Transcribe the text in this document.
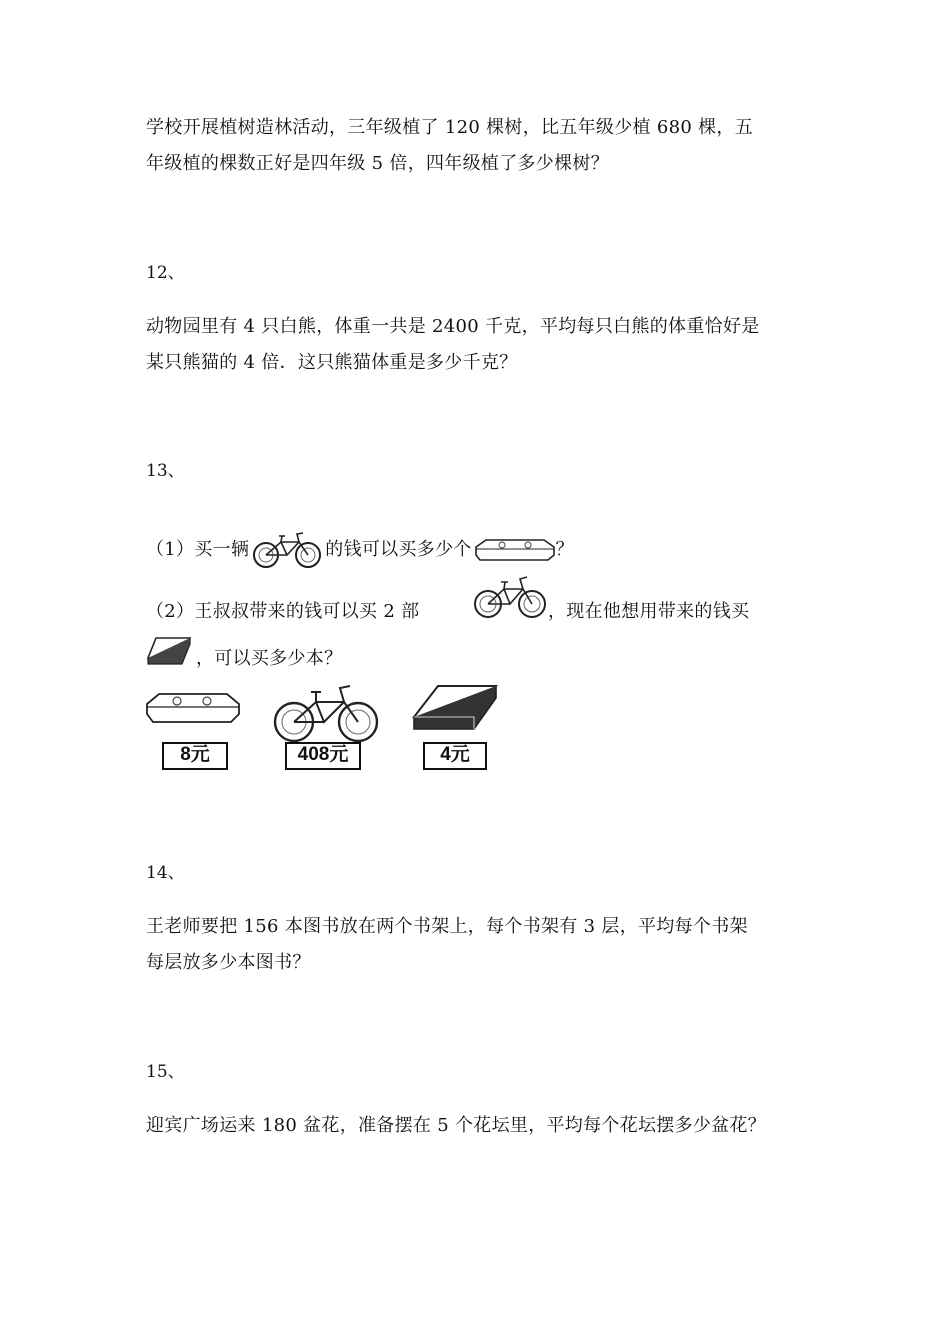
学校开展植树造林活动，三年级植了 120 棵树，比五年级少植 680 棵，五
年级植的棵数正好是四年级 5 倍，四年级植了多少棵树？
12、
动物园里有 4 只白熊，体重一共是 2400 千克，平均每只白熊的体重恰好是
某只熊猫的 4 倍．这只熊猫体重是多少千克？
13、
（1）买一辆	的钱可以买多少个	？
（2）王叔叔带来的钱可以买 2 部	，现在他想用带来的钱买
，可以买多少本？
8元	408元	4元
14、
王老师要把 156 本图书放在两个书架上，每个书架有 3 层，平均每个书架
每层放多少本图书？
15、
迎宾广场运来 180 盆花，准备摆在 5 个花坛里，平均每个花坛摆多少盆花？
